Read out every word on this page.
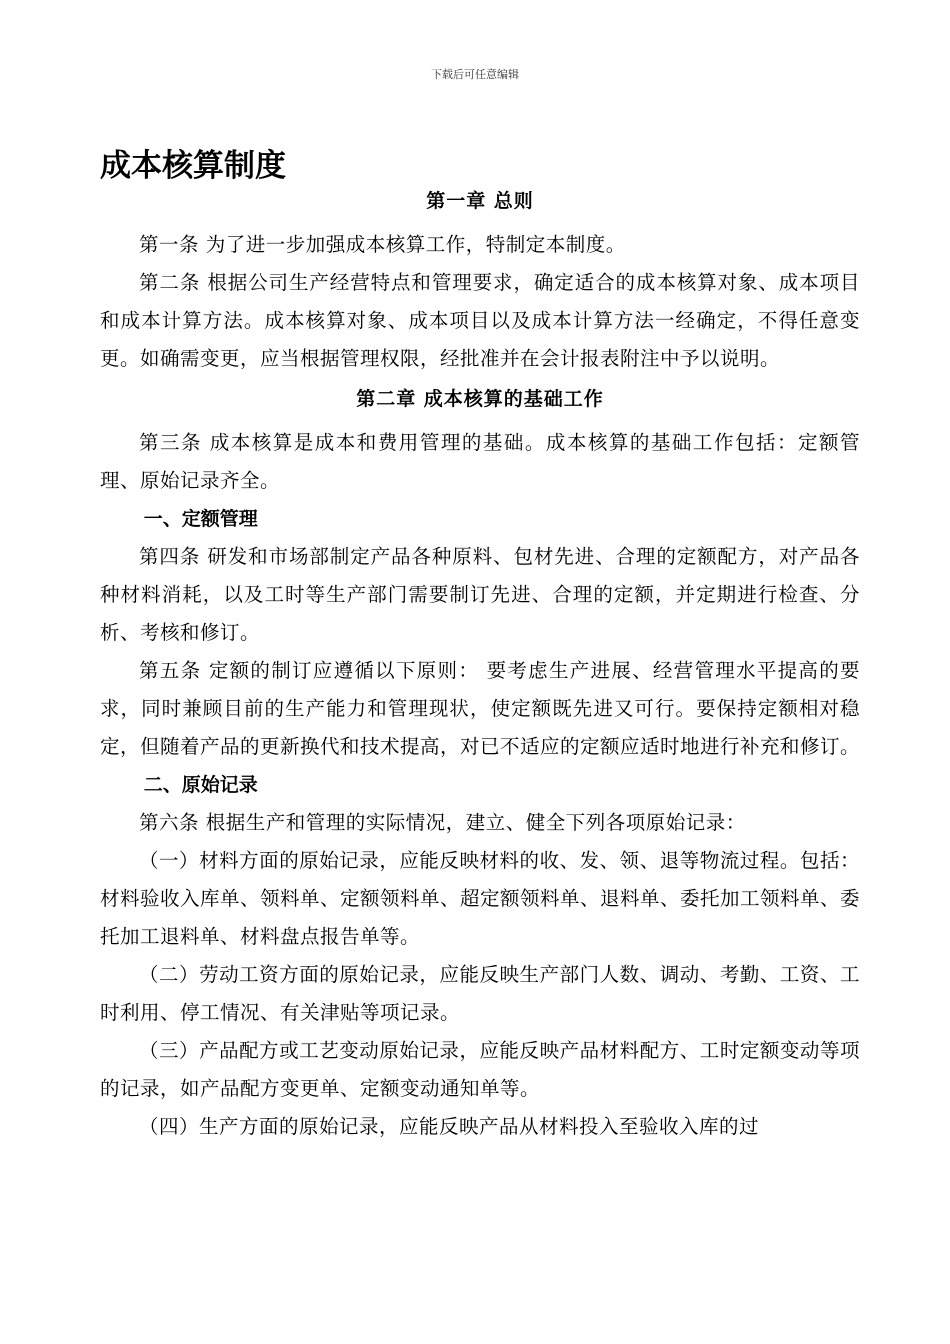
下载后可任意编辑
成本核算制度
第一章 总则

第一条 为了进一步加强成本核算工作，特制定本制度。

第二条 根据公司生产经营特点和管理要求，确定适合的成本核算对象、成本项目和成本计算方法。成本核算对象、成本项目以及成本计算方法一经确定，不得任意变更。如确需变更，应当根据管理权限，经批准并在会计报表附注中予以说明。

第二章 成本核算的基础工作

第三条 成本核算是成本和费用管理的基础。成本核算的基础工作包括：定额管理、原始记录齐全。

一、定额管理

第四条 研发和市场部制定产品各种原料、包材先进、合理的定额配方，对产品各种材料消耗，以及工时等生产部门需要制订先进、合理的定额，并定期进行检查、分析、考核和修订。

第五条 定额的制订应遵循以下原则： 要考虑生产进展、经营管理水平提高的要求，同时兼顾目前的生产能力和管理现状，使定额既先进又可行。要保持定额相对稳定，但随着产品的更新换代和技术提高，对已不适应的定额应适时地进行补充和修订。

二、原始记录

第六条 根据生产和管理的实际情况，建立、健全下列各项原始记录：

（一）材料方面的原始记录，应能反映材料的收、发、领、退等物流过程。包括：材料验收入库单、领料单、定额领料单、超定额领料单、退料单、委托加工领料单、委托加工退料单、材料盘点报告单等。

（二）劳动工资方面的原始记录，应能反映生产部门人数、调动、考勤、工资、工时利用、停工情况、有关津贴等项记录。

（三）产品配方或工艺变动原始记录，应能反映产品材料配方、工时定额变动等项的记录，如产品配方变更单、定额变动通知单等。

（四）生产方面的原始记录，应能反映产品从材料投入至验收入库的过
